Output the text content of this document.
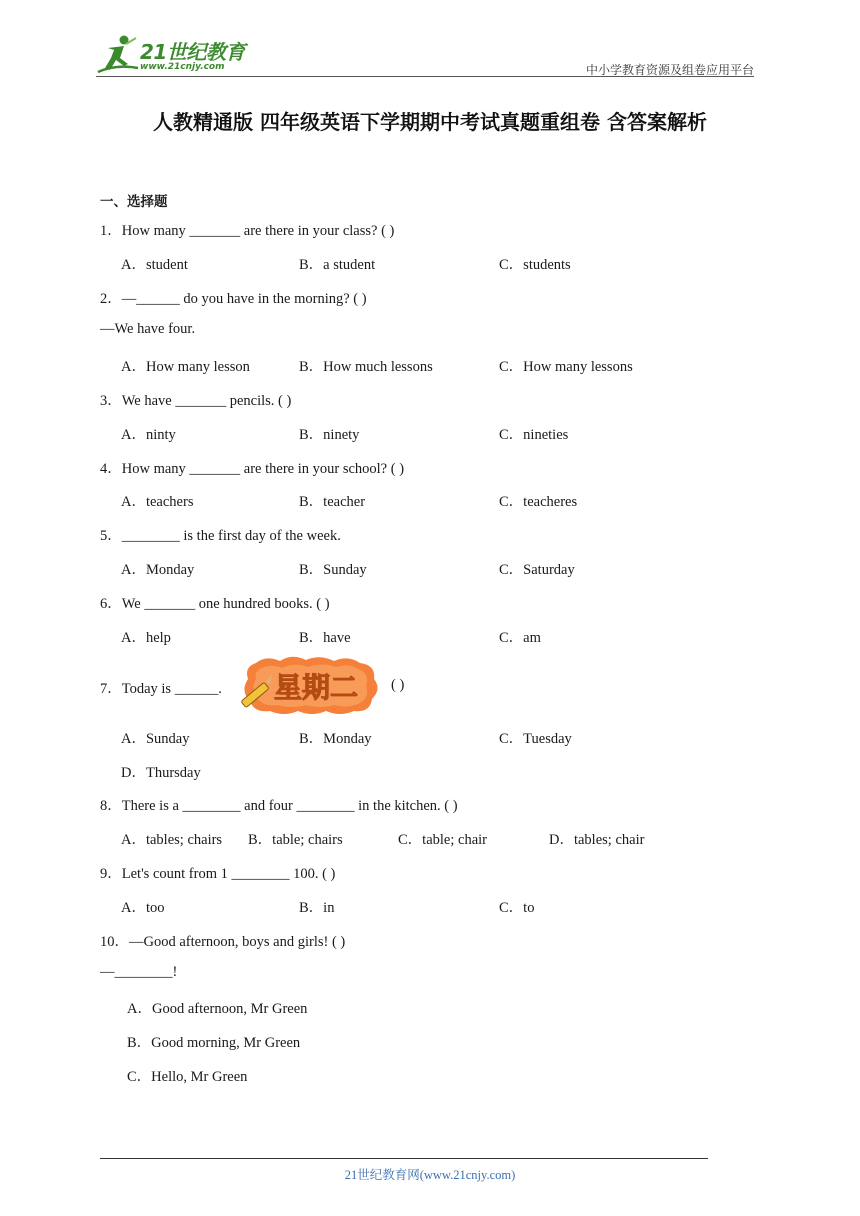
21世纪教育
www.21cnjy.com	中小学教育资源及组卷应用平台
人教精通版 四年级英语下学期期中考试真题重组卷 含答案解析
一、选择题
1．How many _______ are there in your class? ( )
A．student	B．a student	C．students
2．—______ do you have in the morning? ( )
—We have four.
A．How many lesson	B．How much lessons	C．How many lessons
3．We have _______ pencils. ( )
A．ninty	B．ninety	C．nineties
4．How many _______ are there in your school? ( )
A．teachers	B．teacher	C．teacheres
5．________ is the first day of the week.
A．Monday	B．Sunday	C．Saturday
6．We _______ one hundred books. ( )
A．help	B．have	C．am
7．Today is ______. 星期二 ( )
A．Sunday	B．Monday	C．Tuesday
D．Thursday
8．There is a ________ and four ________ in the kitchen. ( )
A．tables; chairs B．table; chairs	C．table; chair	D．tables; chair
9．Let's count from 1 ________ 100. ( )
A．too	B．in	C．to
10．—Good afternoon, boys and girls! ( )
—________!
A．Good afternoon, Mr Green
B．Good morning, Mr Green
C．Hello, Mr Green
21世纪教育网(www.21cnjy.com)
